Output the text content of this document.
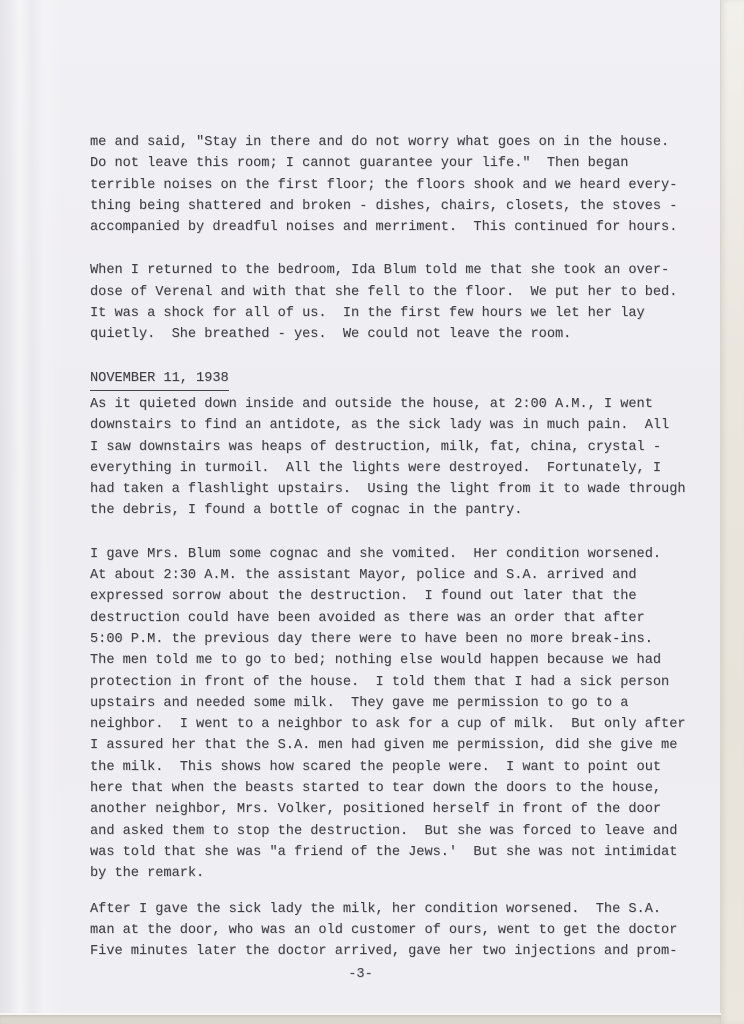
me and said, "Stay in there and do not worry what goes on in the house.
Do not leave this room; I cannot guarantee your life."  Then began
terrible noises on the first floor; the floors shook and we heard every-
thing being shattered and broken - dishes, chairs, closets, the stoves -
accompanied by dreadful noises and merriment.  This continued for hours.
When I returned to the bedroom, Ida Blum told me that she took an over-
dose of Verenal and with that she fell to the floor.  We put her to bed.
It was a shock for all of us.  In the first few hours we let her lay
quietly.  She breathed - yes.  We could not leave the room.
NOVEMBER 11, 1938
As it quieted down inside and outside the house, at 2:00 A.M., I went
downstairs to find an antidote, as the sick lady was in much pain.  All
I saw downstairs was heaps of destruction, milk, fat, china, crystal -
everything in turmoil.  All the lights were destroyed.  Fortunately, I
had taken a flashlight upstairs.  Using the light from it to wade through
the debris, I found a bottle of cognac in the pantry.
I gave Mrs. Blum some cognac and she vomited.  Her condition worsened.
At about 2:30 A.M. the assistant Mayor, police and S.A. arrived and
expressed sorrow about the destruction.  I found out later that the
destruction could have been avoided as there was an order that after
5:00 P.M. the previous day there were to have been no more break-ins.
The men told me to go to bed; nothing else would happen because we had
protection in front of the house.  I told them that I had a sick person
upstairs and needed some milk.  They gave me permission to go to a
neighbor.  I went to a neighbor to ask for a cup of milk.  But only after
I assured her that the S.A. men had given me permission, did she give me
the milk.  This shows how scared the people were.  I want to point out
here that when the beasts started to tear down the doors to the house,
another neighbor, Mrs. Volker, positioned herself in front of the door
and asked them to stop the destruction.  But she was forced to leave and
was told that she was "a friend of the Jews.'  But she was not intimidat
by the remark.
After I gave the sick lady the milk, her condition worsened.  The S.A.
man at the door, who was an old customer of ours, went to get the doctor
Five minutes later the doctor arrived, gave her two injections and prom-
-3-
